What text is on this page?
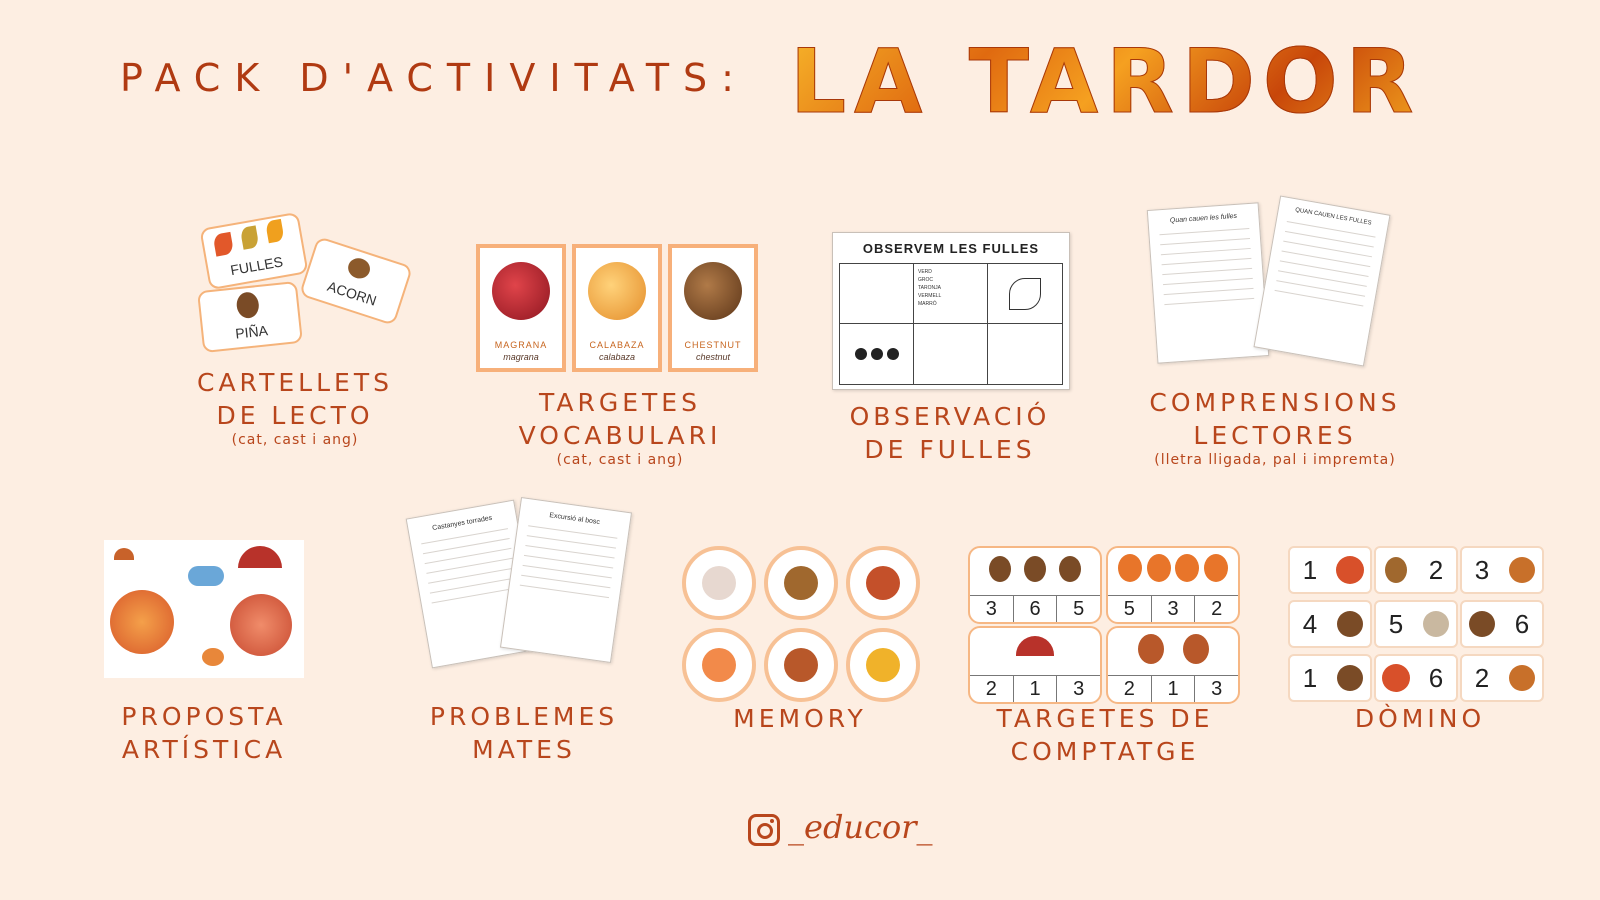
PACK D'ACTIVITATS: LA TARDOR
FULLES
ACORN
PIÑA
CARTELLETS
DE LECTO
(cat, cast i ang)
MAGRANA
magrana
CALABAZA
calabaza
CHESTNUT
chestnut
TARGETES
VOCABULARI
(cat, cast i ang)
OBSERVEM LES FULLES
VERD
GROC
TARONJA
VERMELL
MARRÓ
OBSERVACIÓ
DE FULLES
Quan cauen les fulles	QUAN CAUEN LES FULLES
COMPRENSIONS
LECTORES
(lletra lligada, pal i impremta)
PROPOSTA
ARTÍSTICA
Castanyes torrades	Excursió al bosc
PROBLEMES
MATES
MEMORY
3	6	5	5	3	2
2	1	3	2	1	3
TARGETES DE
COMPTATGE
1	2	3
4	5	6
1	6	2
DÒMINO
_educor_
